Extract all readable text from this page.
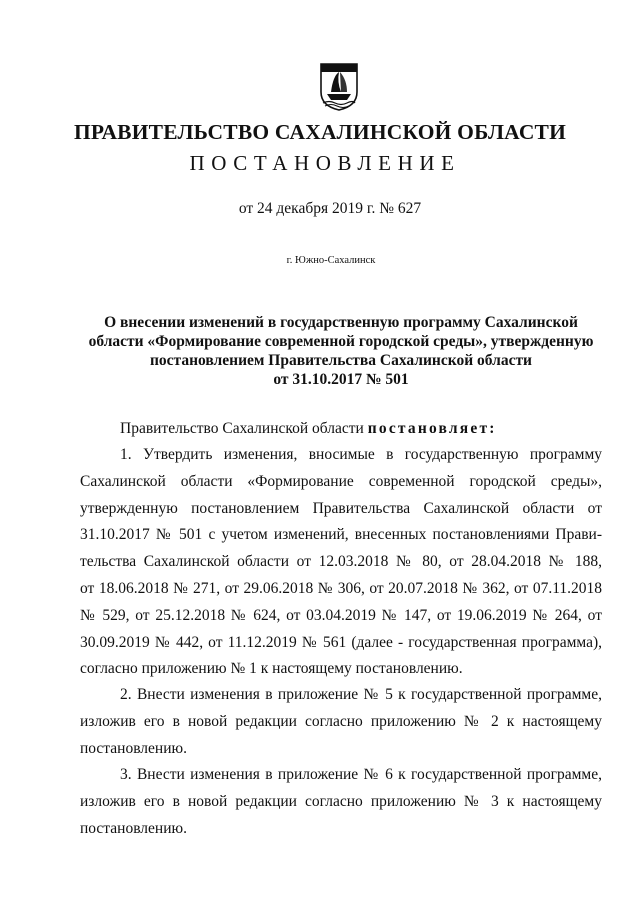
ПРАВИТЕЛЬСТВО САХАЛИНСКОЙ ОБЛАСТИ
ПОСТАНОВЛЕНИЕ
от 24 декабря 2019 г. № 627
г. Южно-Сахалинск
О внесении изменений в государственную программу Сахалинской
области «Формирование современной городской среды», утвержденную
постановлением Правительства Сахалинской области
от 31.10.2017 № 501
Правительство Сахалинской области постановляет:
1. Утвердить изменения, вносимые в государственную программу
Сахалинской области «Формирование современной городской среды»,
утвержденную постановлением Правительства Сахалинской области от
31.10.2017 № 501 с учетом изменений, внесенных постановлениями Прави-
тельства Сахалинской области от 12.03.2018 № 80, от 28.04.2018 № 188,
от 18.06.2018 № 271, от 29.06.2018 № 306, от 20.07.2018 № 362, от 07.11.2018
№ 529, от 25.12.2018 № 624, от 03.04.2019 № 147, от 19.06.2019 № 264, от
30.09.2019 № 442, от 11.12.2019 № 561 (далее - государственная программа),
согласно приложению № 1 к настоящему постановлению.
2. Внести изменения в приложение № 5 к государственной программе,
изложив его в новой редакции согласно приложению № 2 к настоящему
постановлению.
3. Внести изменения в приложение № 6 к государственной программе,
изложив его в новой редакции согласно приложению № 3 к настоящему
постановлению.
